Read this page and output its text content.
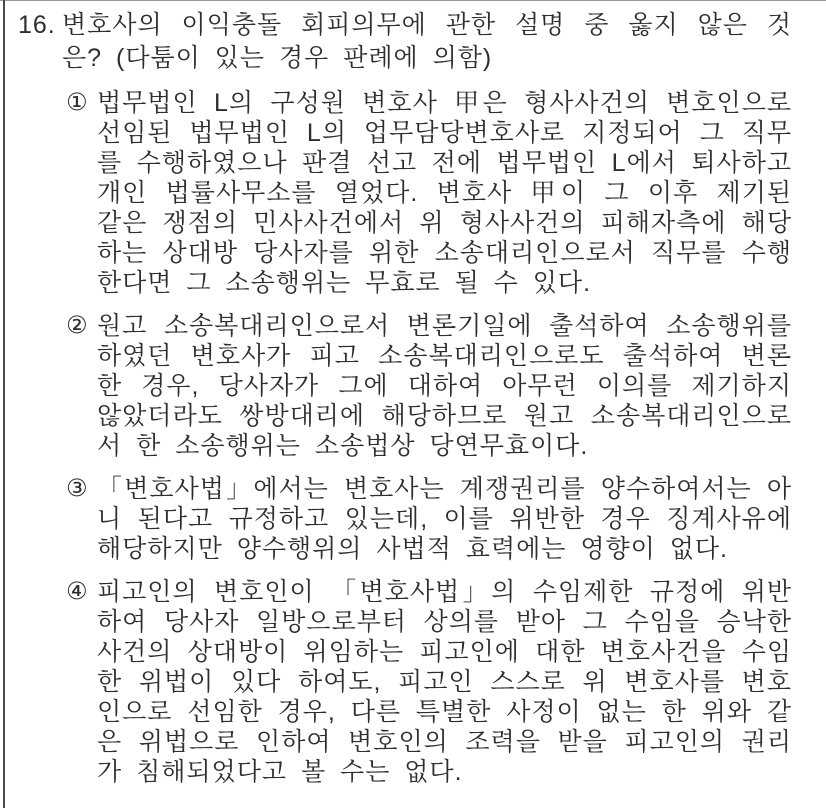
16. 변호사의 이익충돌 회피의무에 관한 설명 중 옳지 않은 것은? (다툼이 있는 경우 판례에 의함)
① 법무법인 L의 구성원 변호사 甲은 형사사건의 변호인으로 선임된 법무법인 L의 업무담당변호사로 지정되어 그 직무를 수행하였으나 판결 선고 전에 법무법인 L에서 퇴사하고 개인 법률사무소를 열었다. 변호사 甲이 그 이후 제기된 같은 쟁점의 민사사건에서 위 형사사건의 피해자측에 해당하는 상대방 당사자를 위한 소송대리인으로서 직무를 수행한다면 그 소송행위는 무효로 될 수 있다.
② 원고 소송복대리인으로서 변론기일에 출석하여 소송행위를 하였던 변호사가 피고 소송복대리인으로도 출석하여 변론한 경우, 당사자가 그에 대하여 아무런 이의를 제기하지 않았더라도 쌍방대리에 해당하므로 원고 소송복대리인으로서 한 소송행위는 소송법상 당연무효이다.
③ 「변호사법」에서는 변호사는 계쟁권리를 양수하여서는 아니 된다고 규정하고 있는데, 이를 위반한 경우 징계사유에 해당하지만 양수행위의 사법적 효력에는 영향이 없다.
④ 피고인의 변호인이 「변호사법」의 수임제한 규정에 위반하여 당사자 일방으로부터 상의를 받아 그 수임을 승낙한 사건의 상대방이 위임하는 피고인에 대한 변호사건을 수임한 위법이 있다 하여도, 피고인 스스로 위 변호사를 변호인으로 선임한 경우, 다른 특별한 사정이 없는 한 위와 같은 위법으로 인하여 변호인의 조력을 받을 피고인의 권리가 침해되었다고 볼 수는 없다.
